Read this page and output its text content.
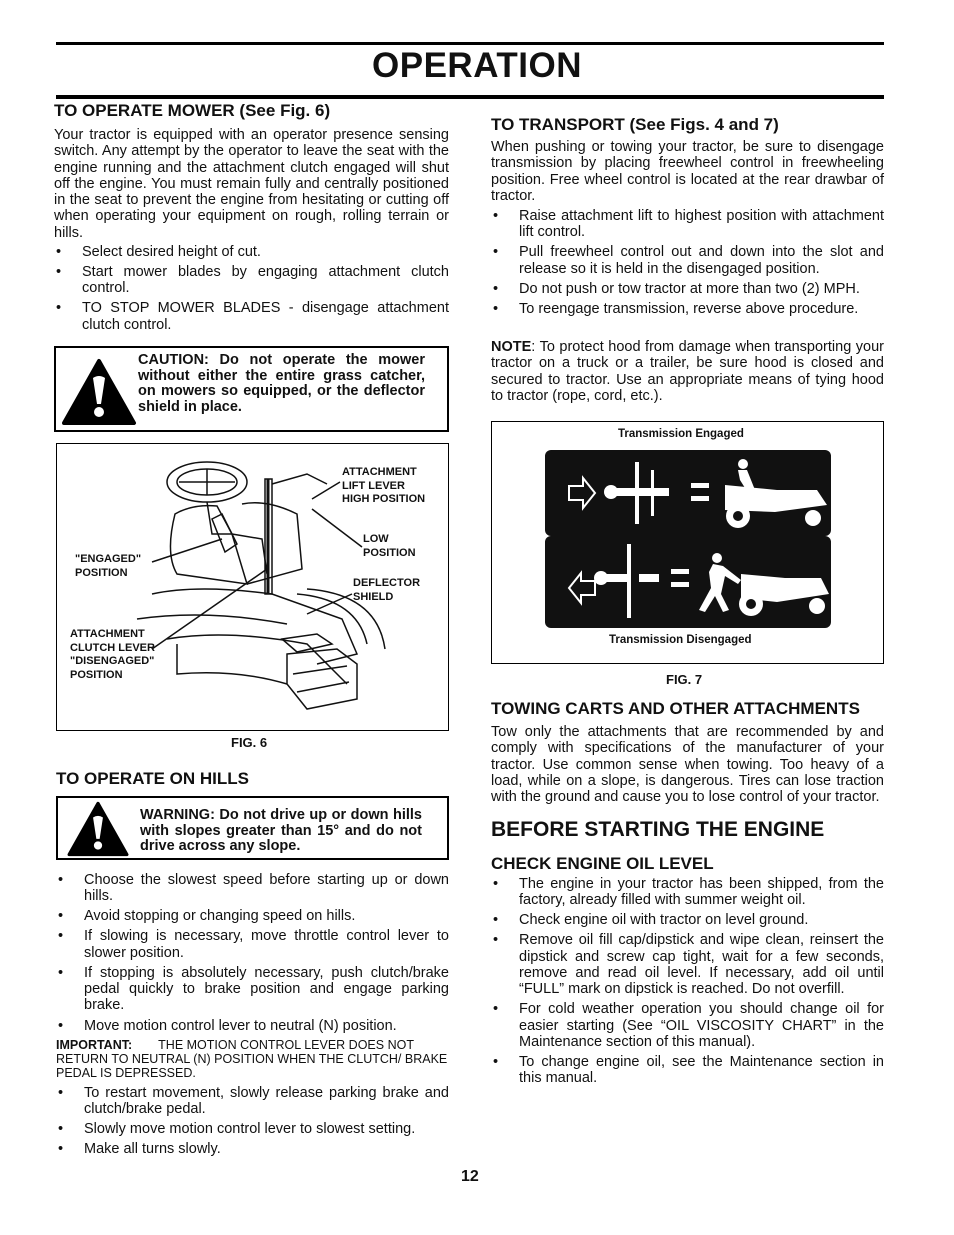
OPERATION
TO OPERATE MOWER (See Fig. 6)
Your tractor is equipped with an operator presence sensing switch. Any attempt by the operator to leave the seat with the engine running and the attachment clutch engaged will shut off the engine. You must remain fully and centrally positioned in the seat to prevent the engine from hesitating or cutting off when operating your equipment on rough, rolling terrain or hills.
• Select desired height of cut.
• Start mower blades by engaging attachment clutch control.
• TO STOP MOWER BLADES - disengage attachment clutch control.
CAUTION: Do not operate the mower without either the entire grass catcher, on mowers so equipped, or the deflector shield in place.
ATTACHMENT
LIFT LEVER
HIGH POSITION
LOW
POSITION
"ENGAGED"
POSITION
DEFLECTOR
SHIELD
ATTACHMENT
CLUTCH LEVER
"DISENGAGED"
POSITION
FIG. 6
TO OPERATE ON HILLS
WARNING: Do not drive up or down hills with slopes greater than 15° and do not drive across any slope.
• Choose the slowest speed before starting up or down hills.
• Avoid stopping or changing speed on hills.
• If slowing is necessary, move throttle control lever to slower position.
• If stopping is absolutely necessary, push clutch/brake pedal quickly to brake position and engage parking brake.
• Move motion control lever to neutral (N) position.
IMPORTANT: THE MOTION CONTROL LEVER DOES NOT RETURN TO NEUTRAL (N) POSITION WHEN THE CLUTCH/ BRAKE PEDAL IS DEPRESSED.
• To restart movement, slowly release parking brake and clutch/brake pedal.
• Slowly move motion control lever to slowest setting.
• Make all turns slowly.
TO TRANSPORT (See Figs. 4 and 7)
When pushing or towing your tractor, be sure to disengage transmission by placing freewheel control in freewheeling position. Free wheel control is located at the rear drawbar of tractor.
• Raise attachment lift to highest position with attachment lift control.
• Pull freewheel control out and down into the slot and release so it is held in the disengaged position.
• Do not push or tow tractor at more than two (2) MPH.
• To reengage transmission, reverse above procedure.
NOTE: To protect hood from damage when transporting your tractor on a truck or a trailer, be sure hood is closed and secured to tractor. Use an appropriate means of tying hood to tractor (rope, cord, etc.).
Transmission Engaged
Transmission Disengaged
FIG. 7
TOWING CARTS AND OTHER ATTACHMENTS
Tow only the attachments that are recommended by and comply with specifications of the manufacturer of your tractor. Use common sense when towing. Too heavy of a load, while on a slope, is dangerous. Tires can lose traction with the ground and cause you to lose control of your tractor.
BEFORE STARTING THE ENGINE
CHECK ENGINE OIL LEVEL
• The engine in your tractor has been shipped, from the factory, already filled with summer weight oil.
• Check engine oil with tractor on level ground.
• Remove oil fill cap/dipstick and wipe clean, reinsert the dipstick and screw cap tight, wait for a few seconds, remove and read oil level. If necessary, add oil until “FULL” mark on dipstick is reached. Do not overfill.
• For cold weather operation you should change oil for easier starting (See “OIL VISCOSITY CHART” in the Maintenance section of this manual).
• To change engine oil, see the Maintenance section in this manual.
12
